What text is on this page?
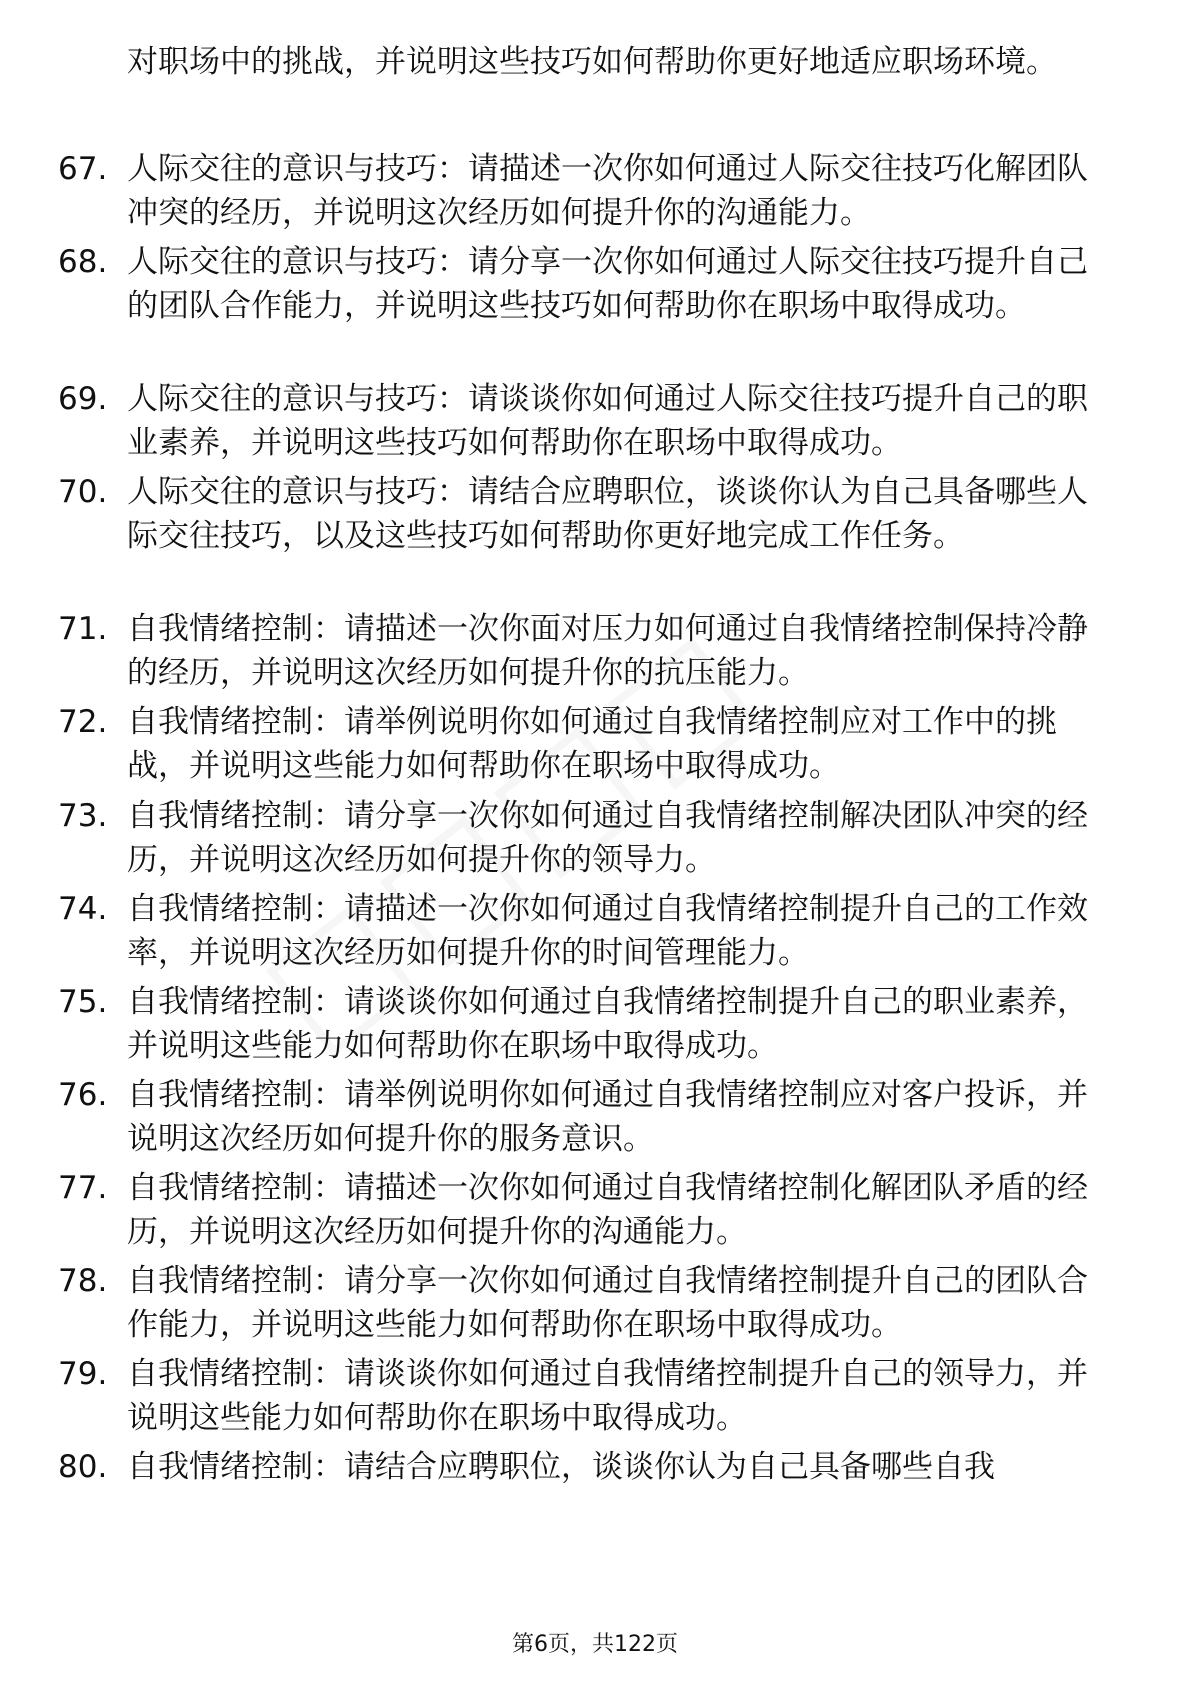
对职场中的挑战，并说明这些技巧如何帮助你更好地适应职场环境。

67. 人际交往的意识与技巧：请描述一次你如何通过人际交往技巧化解团队冲突的经历，并说明这次经历如何提升你的沟通能力。
68. 人际交往的意识与技巧：请分享一次你如何通过人际交往技巧提升自己的团队合作能力，并说明这些技巧如何帮助你在职场中取得成功。
69. 人际交往的意识与技巧：请谈谈你如何通过人际交往技巧提升自己的职业素养，并说明这些技巧如何帮助你在职场中取得成功。
70. 人际交往的意识与技巧：请结合应聘职位，谈谈你认为自己具备哪些人际交往技巧，以及这些技巧如何帮助你更好地完成工作任务。
71. 自我情绪控制：请描述一次你面对压力如何通过自我情绪控制保持冷静的经历，并说明这次经历如何提升你的抗压能力。
72. 自我情绪控制：请举例说明你如何通过自我情绪控制应对工作中的挑战，并说明这些能力如何帮助你在职场中取得成功。
73. 自我情绪控制：请分享一次你如何通过自我情绪控制解决团队冲突的经历，并说明这次经历如何提升你的领导力。
74. 自我情绪控制：请描述一次你如何通过自我情绪控制提升自己的工作效率，并说明这次经历如何提升你的时间管理能力。
75. 自我情绪控制：请谈谈你如何通过自我情绪控制提升自己的职业素养，并说明这些能力如何帮助你在职场中取得成功。
76. 自我情绪控制：请举例说明你如何通过自我情绪控制应对客户投诉，并说明这次经历如何提升你的服务意识。
77. 自我情绪控制：请描述一次你如何通过自我情绪控制化解团队矛盾的经历，并说明这次经历如何提升你的沟通能力。
78. 自我情绪控制：请分享一次你如何通过自我情绪控制提升自己的团队合作能力，并说明这些能力如何帮助你在职场中取得成功。
79. 自我情绪控制：请谈谈你如何通过自我情绪控制提升自己的领导力，并说明这些能力如何帮助你在职场中取得成功。
80. 自我情绪控制：请结合应聘职位，谈谈你认为自己具备哪些自我
第6页，共122页
